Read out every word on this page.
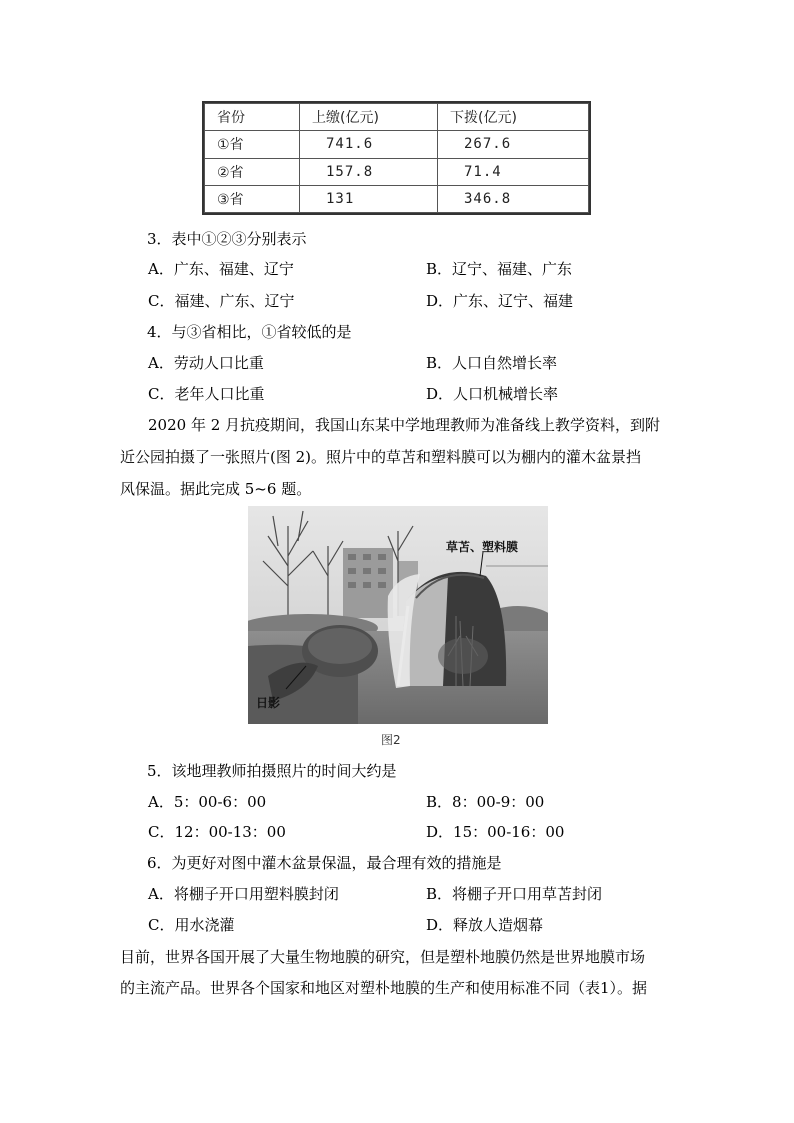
省份	上缴(亿元)	下拨(亿元)
①省	741.6	267.6
②省	157.8	71.4
③省	131	346.8
3．表中①②③分别表示
A．广东、福建、辽宁	B．辽宁、福建、广东
C．福建、广东、辽宁	D．广东、辽宁、福建
4．与③省相比，①省较低的是
A．劳动人口比重	B．人口自然增长率
C．老年人口比重	D．人口机械增长率
2020 年 2 月抗疫期间，我国山东某中学地理教师为准备线上教学资料，到附
近公园拍摄了一张照片(图 2)。照片中的草苫和塑料膜可以为棚内的灌木盆景挡
风保温。据此完成 5~6 题。
草苫、塑料膜
日影
图2
5．该地理教师拍摄照片的时间大约是
A．5：00-6：00	B．8：00-9：00
C．12：00-13：00	D．15：00-16：00
6．为更好对图中灌木盆景保温，最合理有效的措施是
A．将棚子开口用塑料膜封闭	B．将棚子开口用草苫封闭
C．用水浇灌	D．释放人造烟幕
目前，世界各国开展了大量生物地膜的研究，但是塑朴地膜仍然是世界地膜市场
的主流产品。世界各个国家和地区对塑朴地膜的生产和使用标准不同（表1）。据
